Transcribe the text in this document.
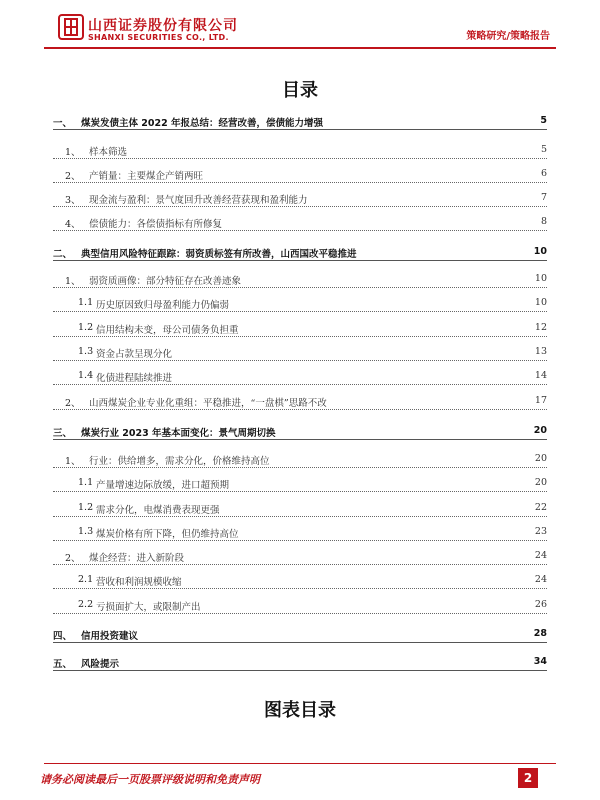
山西证券股份有限公司
SHANXI SECURITIES CO., LTD.	策略研究/策略报告
目录
一、 煤炭发债主体 2022 年报总结：经营改善，偿债能力增强	5
1、 样本筛选	5
2、 产销量：主要煤企产销两旺	6
3、 现金流与盈利：景气度回升改善经营获现和盈利能力	7
4、 偿债能力：各偿债指标有所修复	8
二、 典型信用风险特征跟踪：弱资质标签有所改善，山西国改平稳推进	10
1、 弱资质画像：部分特征存在改善迹象	10
1.1 历史原因致归母盈利能力仍偏弱	10
1.2 信用结构未变，母公司债务负担重	12
1.3 资金占款呈现分化	13
1.4 化债进程陆续推进	14
2、 山西煤炭企业专业化重组：平稳推进，“一盘棋”思路不改	17
三、 煤炭行业 2023 年基本面变化：景气周期切换	20
1、 行业：供给增多，需求分化，价格维持高位	20
1.1 产量增速边际放缓，进口超预期	20
1.2 需求分化，电煤消费表现更强	22
1.3 煤炭价格有所下降，但仍维持高位	23
2、 煤企经营：进入新阶段	24
2.1 营收和利润规模收缩	24
2.2 亏损面扩大，或限制产出	26
四、 信用投资建议	28
五、 风险提示	34
图表目录
请务必阅读最后一页股票评级说明和免责声明	2
